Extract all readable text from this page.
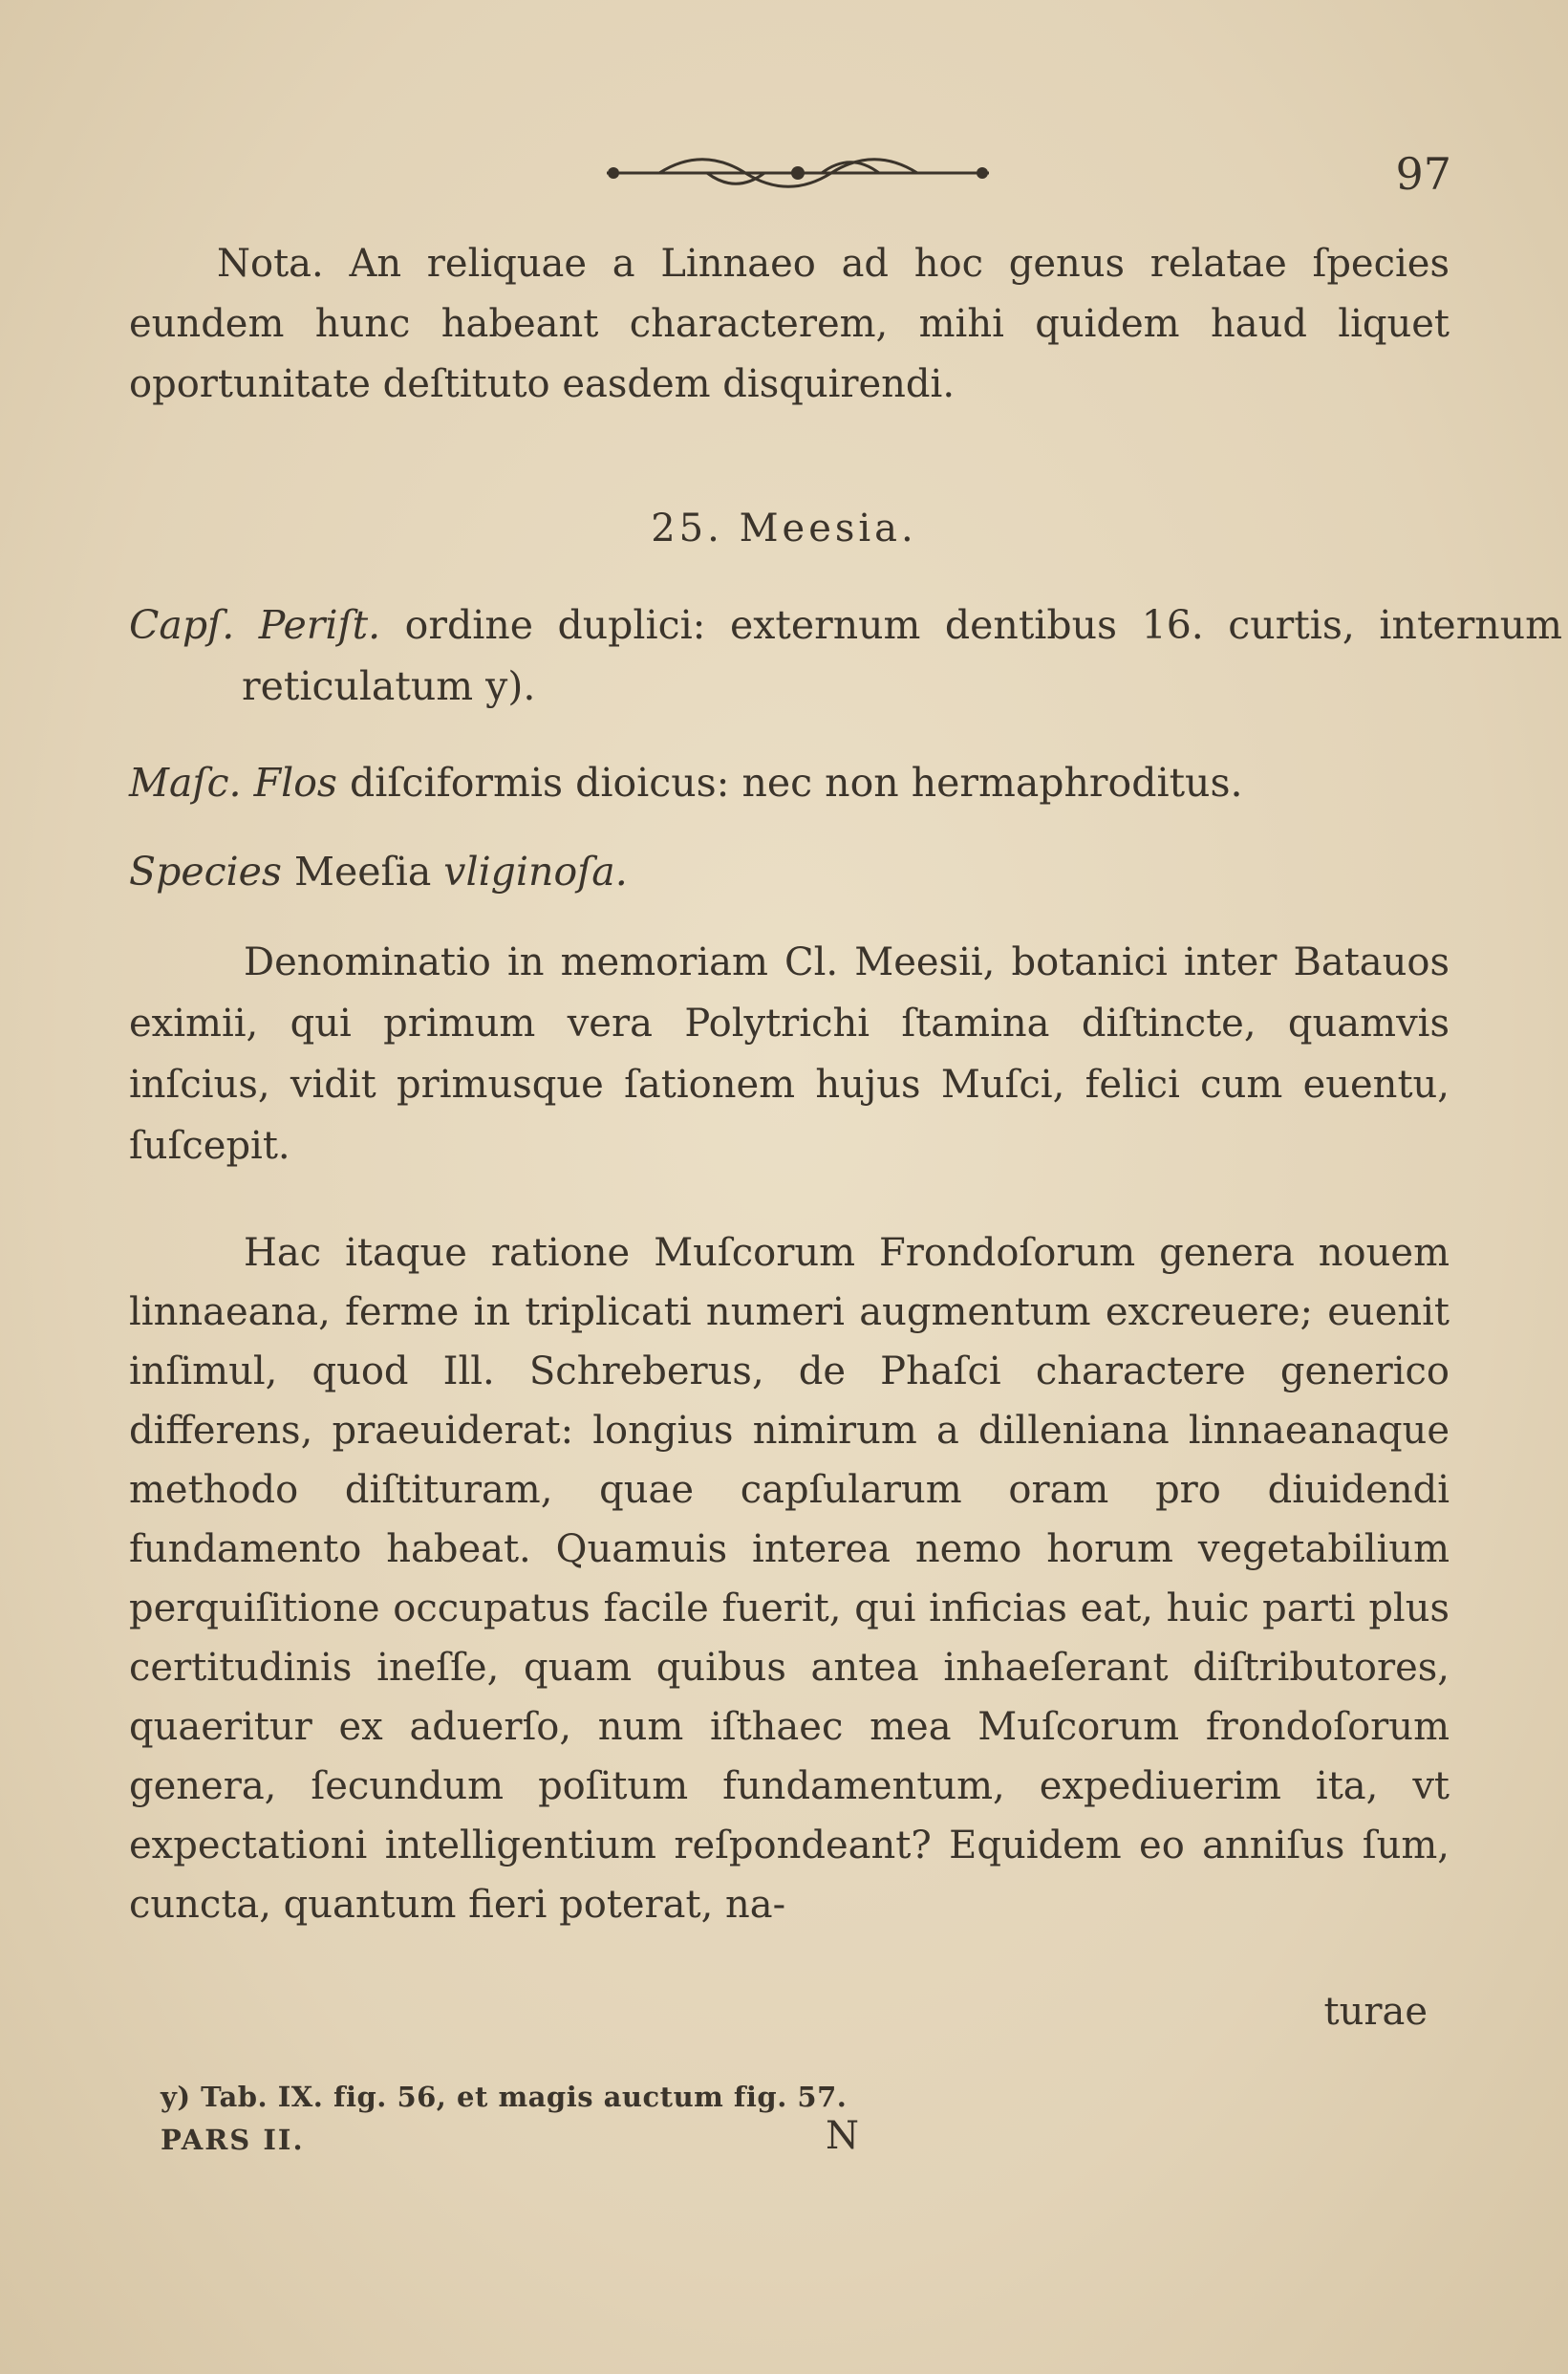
97

Nota. An reliquae a Linnaeo ad hoc genus relatae ſpecies eundem hunc habeant characterem, mihi quidem haud liquet oportunitate deſtituto easdem disquirendi.

25. Meesia.
Capſ. Periſt. ordine duplici: externum dentibus 16. curtis, internum reticulatum y).
Maſc. Flos diſciformis dioicus: nec non hermaphroditus.
Species Meeſia vliginoſa.

Denominatio in memoriam Cl. Meesii, botanici inter Batauos eximii, qui primum vera Polytrichi ſtamina diſtincte, quamvis inſcius, vidit primusque ſationem hujus Muſci, felici cum euentu, ſuſcepit.

Hac itaque ratione Muſcorum Frondoſorum genera nouem linnaeana, ferme in triplicati numeri augmentum excreuere; euenit inſimul, quod Ill. Schreberus, de Phaſci charactere generico differens, praeuiderat: longius nimirum a dilleniana linnaeanaque methodo diſtituram, quae capſularum oram pro diuidendi fundamento habeat. Quamuis interea nemo horum vegetabilium perquiſitione occupatus facile fuerit, qui inficias eat, huic parti plus certitudinis ineſſe, quam quibus antea inhaeſerant diſtributores, quaeritur ex aduerſo, num iſthaec mea Muſcorum frondoſorum genera, ſecundum poſitum fundamentum, expediuerim ita, vt expectationi intelligentium reſpondeant? Equidem eo anniſus ſum, cuncta, quantum fieri poterat, na-

turae
y) Tab. IX. fig. 56, et magis auctum fig. 57.
PARS II.	N
